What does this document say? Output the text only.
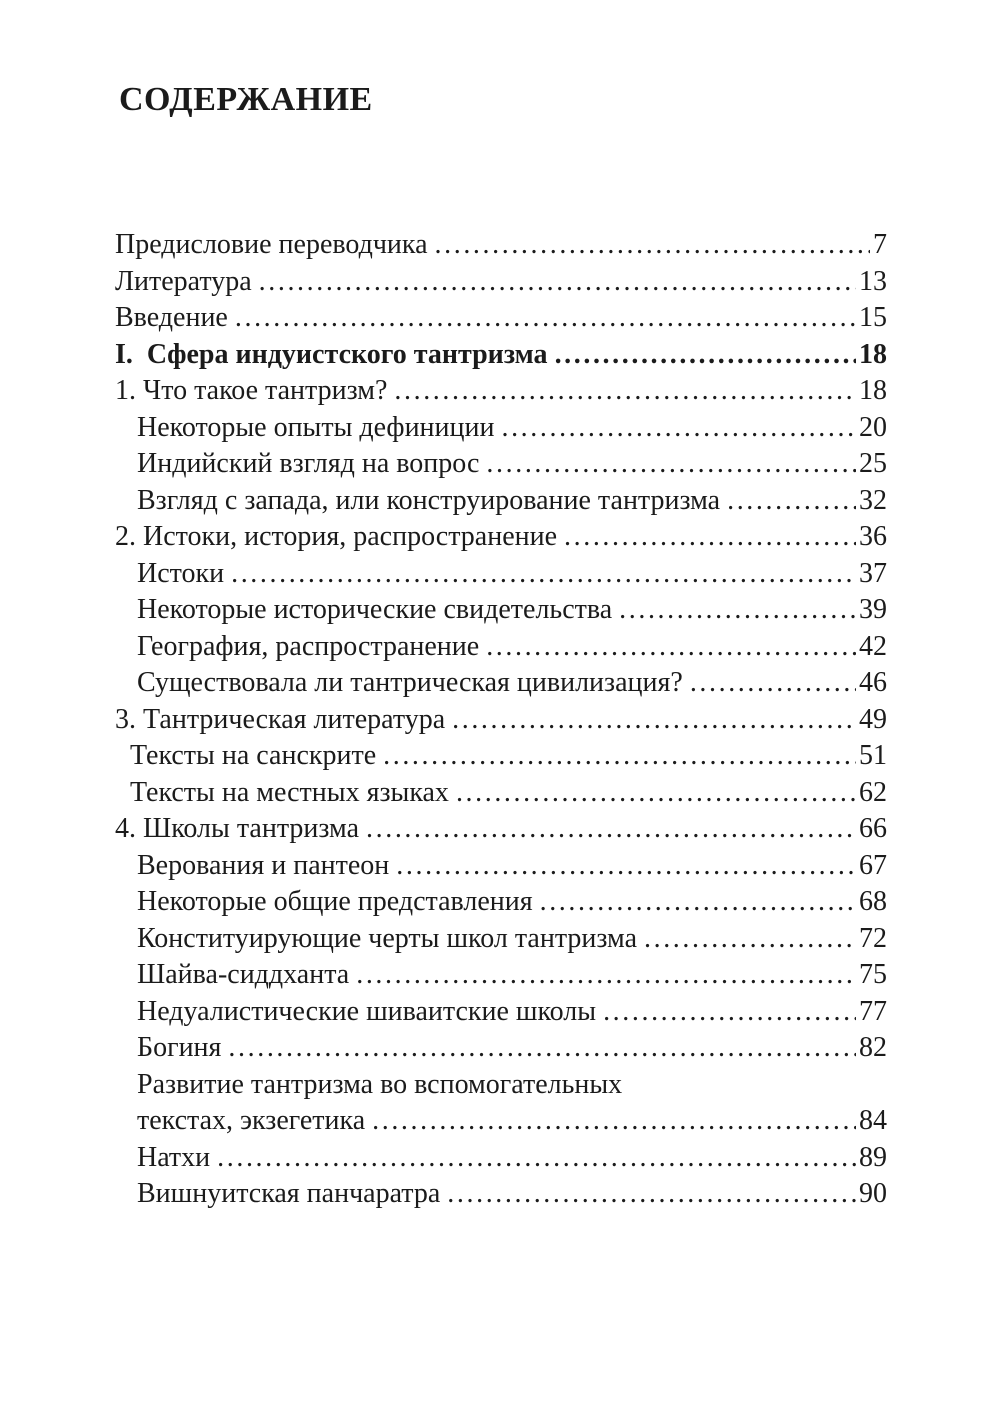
СОДЕРЖАНИЕ
Предисловие переводчика .....	7
Литература .....	13
Введение .....	15
I.  Сфера индуистского тантризма .....	18
1. Что такое тантризм? .....	18
Некоторые опыты дефиниции .....	20
Индийский взгляд на вопрос .....	25
Взгляд с запада, или конструирование тантризма .....	32
2. Истоки, история, распространение .....	36
Истоки .....	37
Некоторые исторические свидетельства .....	39
География, распространение .....	42
Существовала ли тантрическая цивилизация? .....	46
3. Тантрическая литература .....	49
Тексты на санскрите .....	51
Тексты на местных языках .....	62
4. Школы тантризма .....	66
Верования и пантеон .....	67
Некоторые общие представления .....	68
Конституирующие черты школ тантризма .....	72
Шайва-сиддханта .....	75
Недуалистические шиваитские школы .....	77
Богиня .....	82
Развитие тантризма во вспомогательных
текстах, экзегетика .....	84
Натхи .....	89
Вишнуитская панчаратра .....	90
